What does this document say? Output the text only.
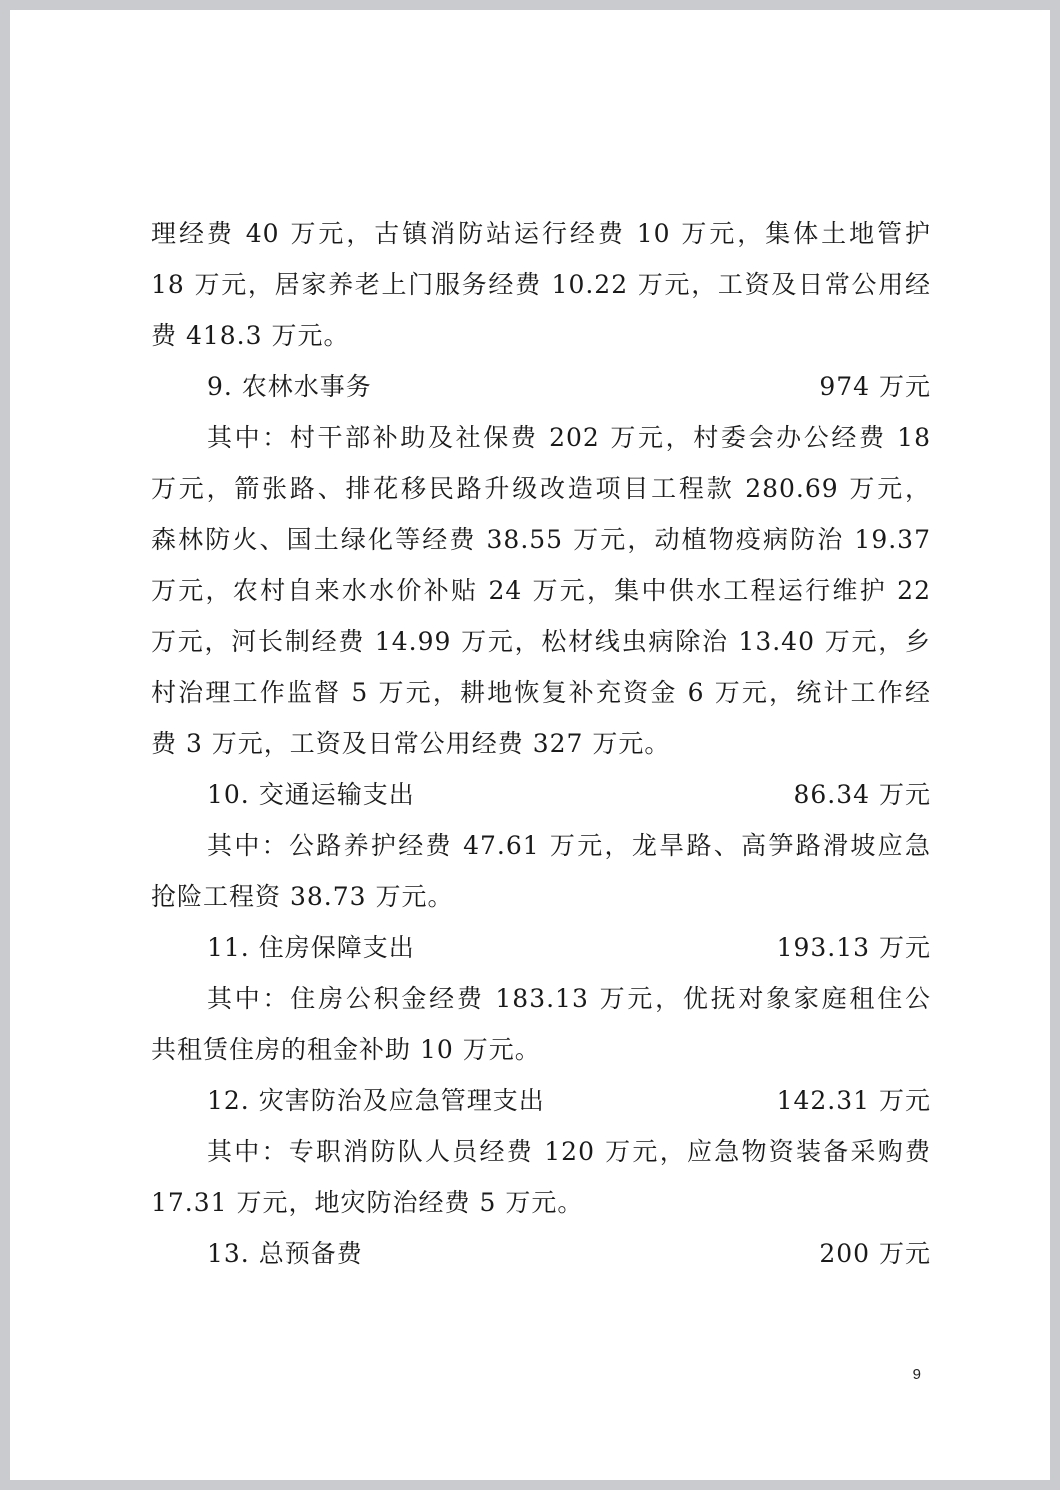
理经费 40 万元，古镇消防站运行经费 10 万元，集体土地管护
18 万元，居家养老上门服务经费 10.22 万元，工资及日常公用经
费 418.3 万元。
9. 农林水事务	974 万元
其中：村干部补助及社保费 202 万元，村委会办公经费 18
万元，箭张路、排花移民路升级改造项目工程款 280.69 万元，
森林防火、国土绿化等经费 38.55 万元，动植物疫病防治 19.37
万元，农村自来水水价补贴 24 万元，集中供水工程运行维护 22
万元，河长制经费 14.99 万元，松材线虫病除治 13.40 万元，乡
村治理工作监督 5 万元，耕地恢复补充资金 6 万元，统计工作经
费 3 万元，工资及日常公用经费 327 万元。
10. 交通运输支出	86.34 万元
其中：公路养护经费 47.61 万元，龙旱路、高笋路滑坡应急
抢险工程资 38.73 万元。
11. 住房保障支出	193.13 万元
其中：住房公积金经费 183.13 万元，优抚对象家庭租住公
共租赁住房的租金补助 10 万元。
12. 灾害防治及应急管理支出	142.31 万元
其中：专职消防队人员经费 120 万元，应急物资装备采购费
17.31 万元，地灾防治经费 5 万元。
13. 总预备费	200 万元
9
